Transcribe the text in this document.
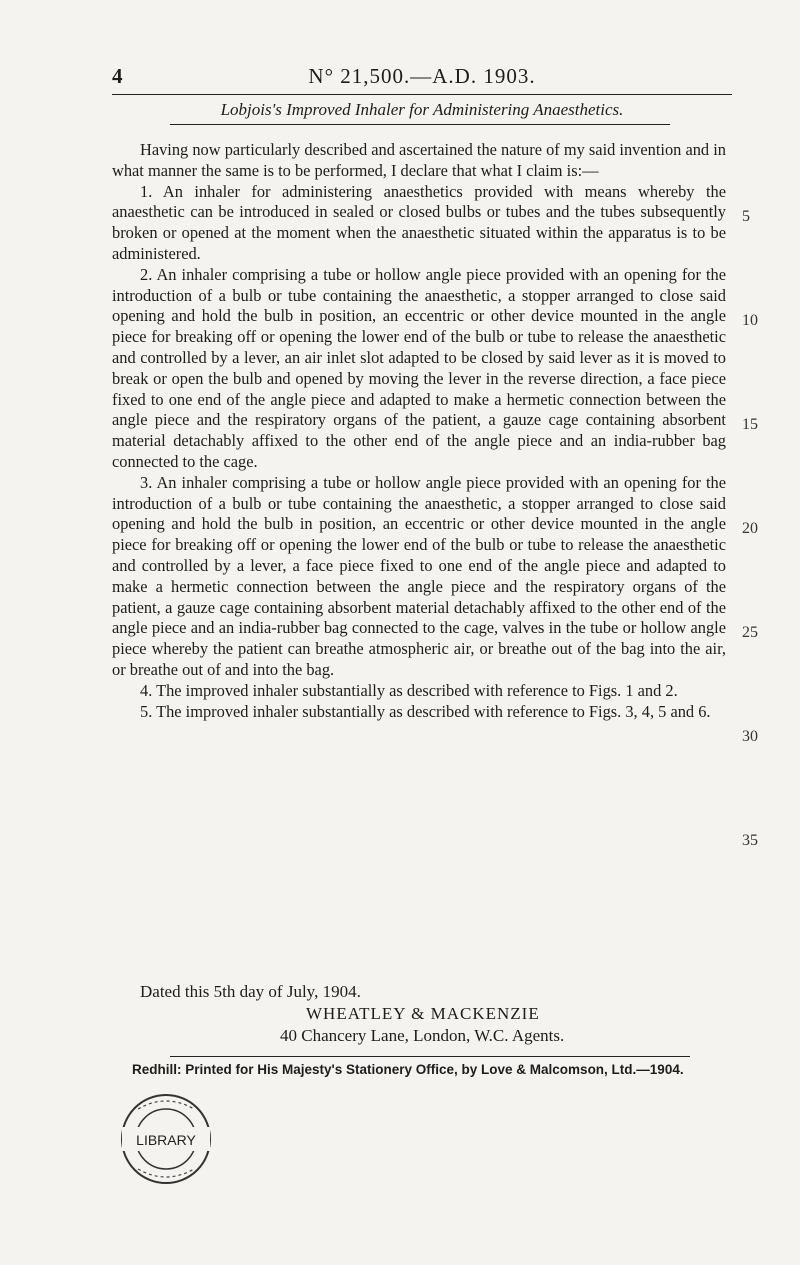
4	N° 21,500.—A.D. 1903.
Lobjois's Improved Inhaler for Administering Anaesthetics.

Having now particularly described and ascertained the nature of my said invention and in what manner the same is to be performed, I declare that what I claim is:—

1. An inhaler for administering anaesthetics provided with means whereby the anaesthetic can be introduced in sealed or closed bulbs or tubes and the tubes subsequently broken or opened at the moment when the anaesthetic situated within the apparatus is to be administered.

2. An inhaler comprising a tube or hollow angle piece provided with an opening for the introduction of a bulb or tube containing the anaesthetic, a stopper arranged to close said opening and hold the bulb in position, an eccentric or other device mounted in the angle piece for breaking off or opening the lower end of the bulb or tube to release the anaesthetic and controlled by a lever, an air inlet slot adapted to be closed by said lever as it is moved to break or open the bulb and opened by moving the lever in the reverse direction, a face piece fixed to one end of the angle piece and adapted to make a hermetic connection between the angle piece and the respiratory organs of the patient, a gauze cage containing absorbent material detachably affixed to the other end of the angle piece and an india-rubber bag connected to the cage.

3. An inhaler comprising a tube or hollow angle piece provided with an opening for the introduction of a bulb or tube containing the anaesthetic, a stopper arranged to close said opening and hold the bulb in position, an eccentric or other device mounted in the angle piece for breaking off or opening the lower end of the bulb or tube to release the anaesthetic and controlled by a lever, a face piece fixed to one end of the angle piece and adapted to make a hermetic connection between the angle piece and the respiratory organs of the patient, a gauze cage containing absorbent material detachably affixed to the other end of the angle piece and an india-rubber bag connected to the cage, valves in the tube or hollow angle piece whereby the patient can breathe atmospheric air, or breathe out of the bag into the air, or breathe out of and into the bag.

4. The improved inhaler substantially as described with reference to Figs. 1 and 2.

5. The improved inhaler substantially as described with reference to Figs. 3, 4, 5 and 6.

5
10
15
20
25
30
35
Dated this 5th day of July, 1904.
WHEATLEY & MACKENZIE
40 Chancery Lane, London, W.C. Agents.
Redhill: Printed for His Majesty's Stationery Office, by Love & Malcomson, Ltd.—1904.
LIBRARY
